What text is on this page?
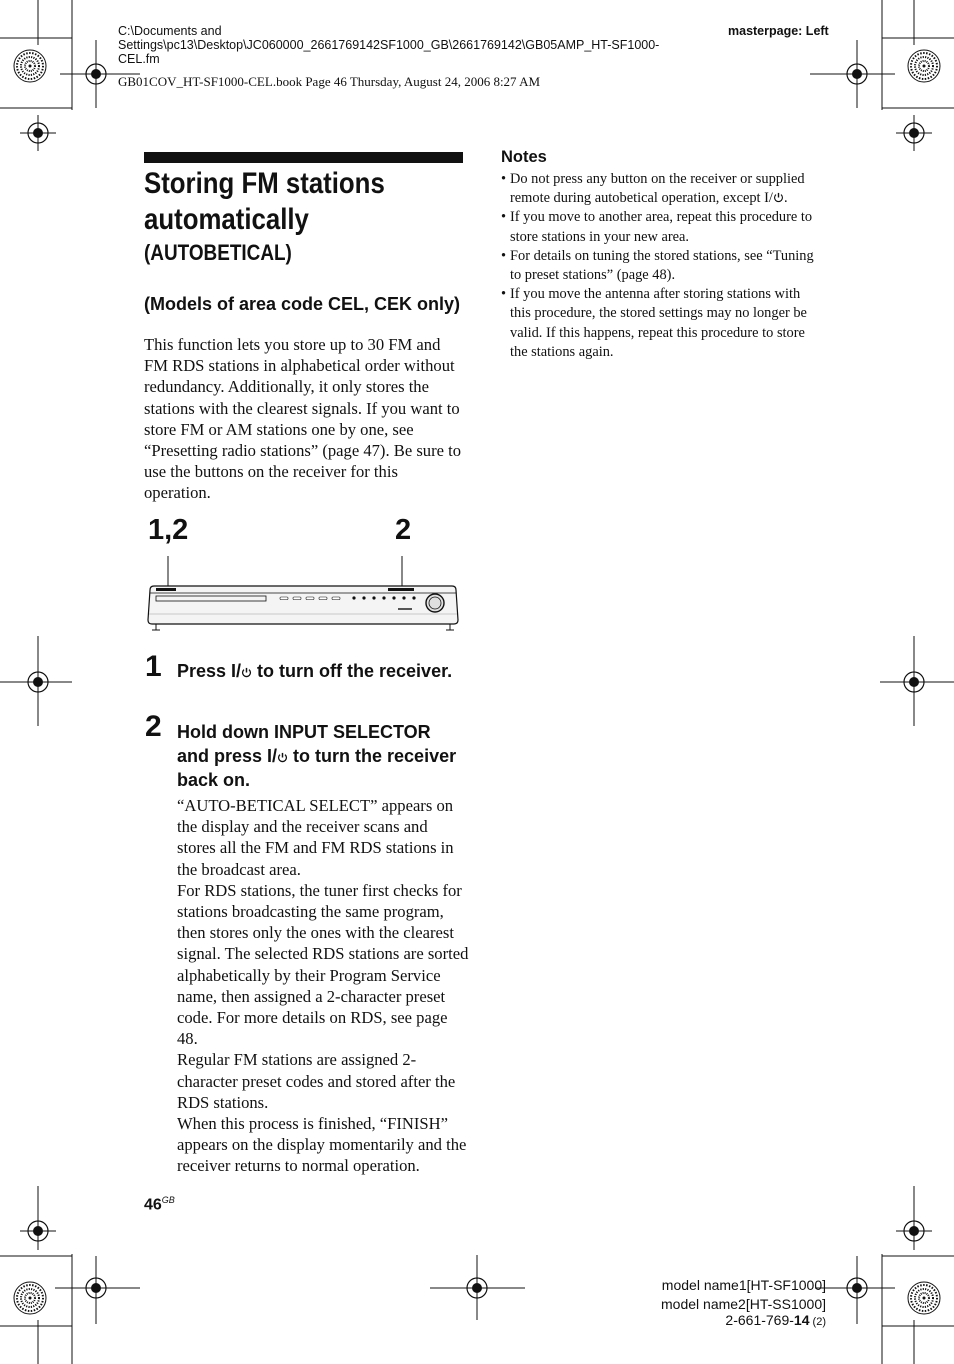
C:\Documents and
Settings\pc13\Desktop\JC060000_2661769142SF1000_GB\2661769142\GB05AMP_HT-SF1000-
CEL.fm
masterpage: Left
GB01COV_HT-SF1000-CEL.book Page 46 Thursday, August 24, 2006 8:27 AM
Storing FM stations
automatically
(AUTOBETICAL)
(Models of area code CEL, CEK only)
This function lets you store up to 30 FM and FM RDS stations in alphabetical order without redundancy. Additionally, it only stores the stations with the clearest signals. If you want to store FM or AM stations one by one, see “Presetting radio stations” (page 47). Be sure to use the buttons on the receiver for this operation.
1,2	2
1 Press I/ to turn off the receiver.
2 Hold down INPUT SELECTOR and press I/ to turn the receiver back on.

“AUTO-BETICAL SELECT” appears on the display and the receiver scans and stores all the FM and FM RDS stations in the broadcast area.

For RDS stations, the tuner first checks for stations broadcasting the same program, then stores only the ones with the clearest signal. The selected RDS stations are sorted alphabetically by their Program Service name, then assigned a 2-character preset code. For more details on RDS, see page 48.

Regular FM stations are assigned 2-character preset codes and stored after the RDS stations.

When this process is finished, “FINISH” appears on the display momentarily and the receiver returns to normal operation.

Notes
• Do not press any button on the receiver or supplied remote during autobetical operation, except I/ .
• If you move to another area, repeat this procedure to store stations in your new area.
• For details on tuning the stored stations, see “Tuning to preset stations” (page 48).
• If you move the antenna after storing stations with this procedure, the stored settings may no longer be valid. If this happens, repeat this procedure to store the stations again.
$46^{GB}$
model name1[HT-SF1000]
model name2[HT-SS1000]
2-661-769-14 (2)
